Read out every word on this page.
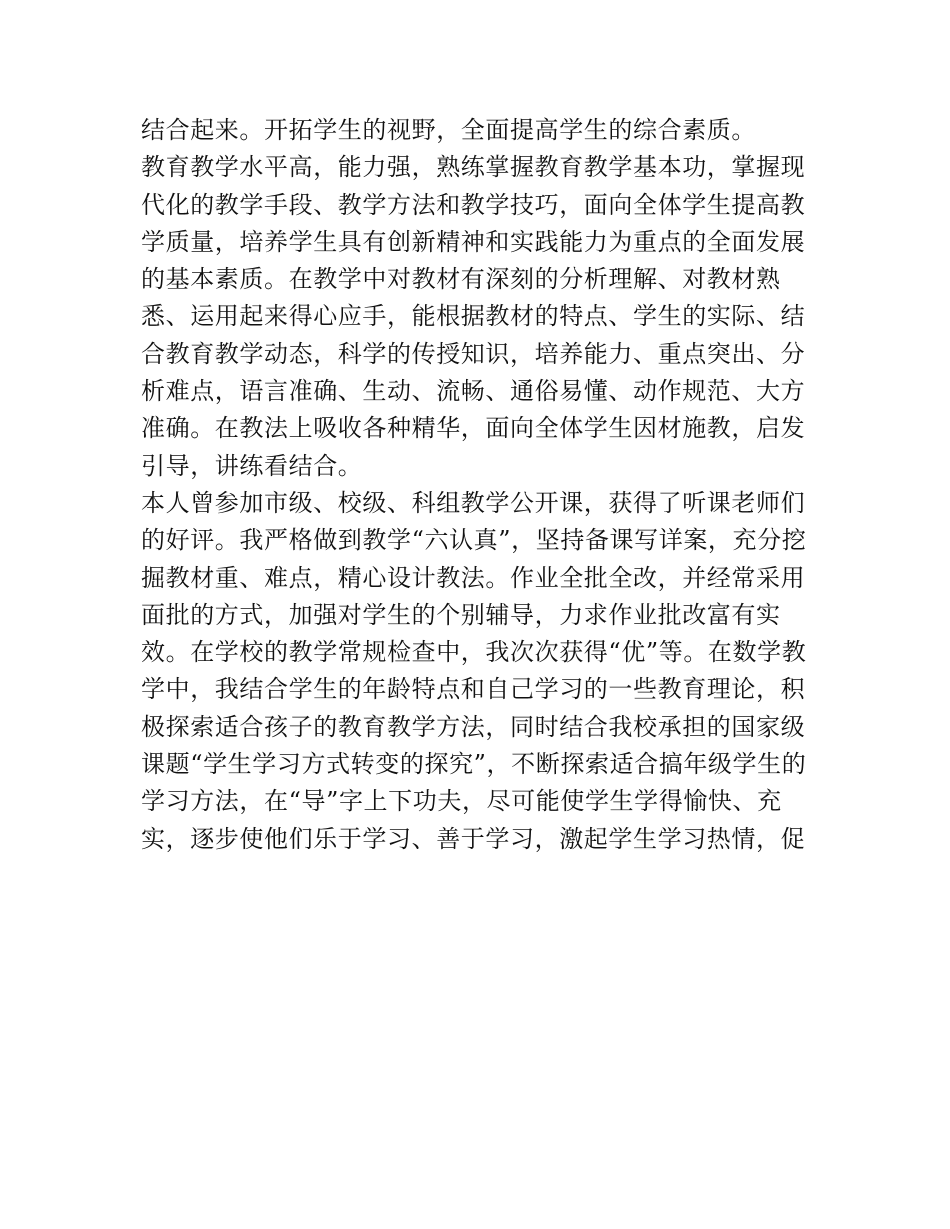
结合起来。开拓学生的视野，全面提高学生的综合素质。
教育教学水平高，能力强，熟练掌握教育教学基本功，掌握现
代化的教学手段、教学方法和教学技巧，面向全体学生提高教
学质量，培养学生具有创新精神和实践能力为重点的全面发展
的基本素质。在教学中对教材有深刻的分析理解、对教材熟
悉、运用起来得心应手，能根据教材的特点、学生的实际、结
合教育教学动态，科学的传授知识，培养能力、重点突出、分
析难点，语言准确、生动、流畅、通俗易懂、动作规范、大方
准确。在教法上吸收各种精华，面向全体学生因材施教，启发
引导，讲练看结合。
本人曾参加市级、校级、科组教学公开课，获得了听课老师们
的好评。我严格做到教学“六认真”，坚持备课写详案，充分挖
掘教材重、难点，精心设计教法。作业全批全改，并经常采用
面批的方式，加强对学生的个别辅导，力求作业批改富有实
效。在学校的教学常规检查中，我次次获得“优”等。在数学教
学中，我结合学生的年龄特点和自己学习的一些教育理论，积
极探索适合孩子的教育教学方法，同时结合我校承担的国家级
课题“学生学习方式转变的探究”，不断探索适合搞年级学生的
学习方法，在“导”字上下功夫，尽可能使学生学得愉快、充
实，逐步使他们乐于学习、善于学习，激起学生学习热情，促
